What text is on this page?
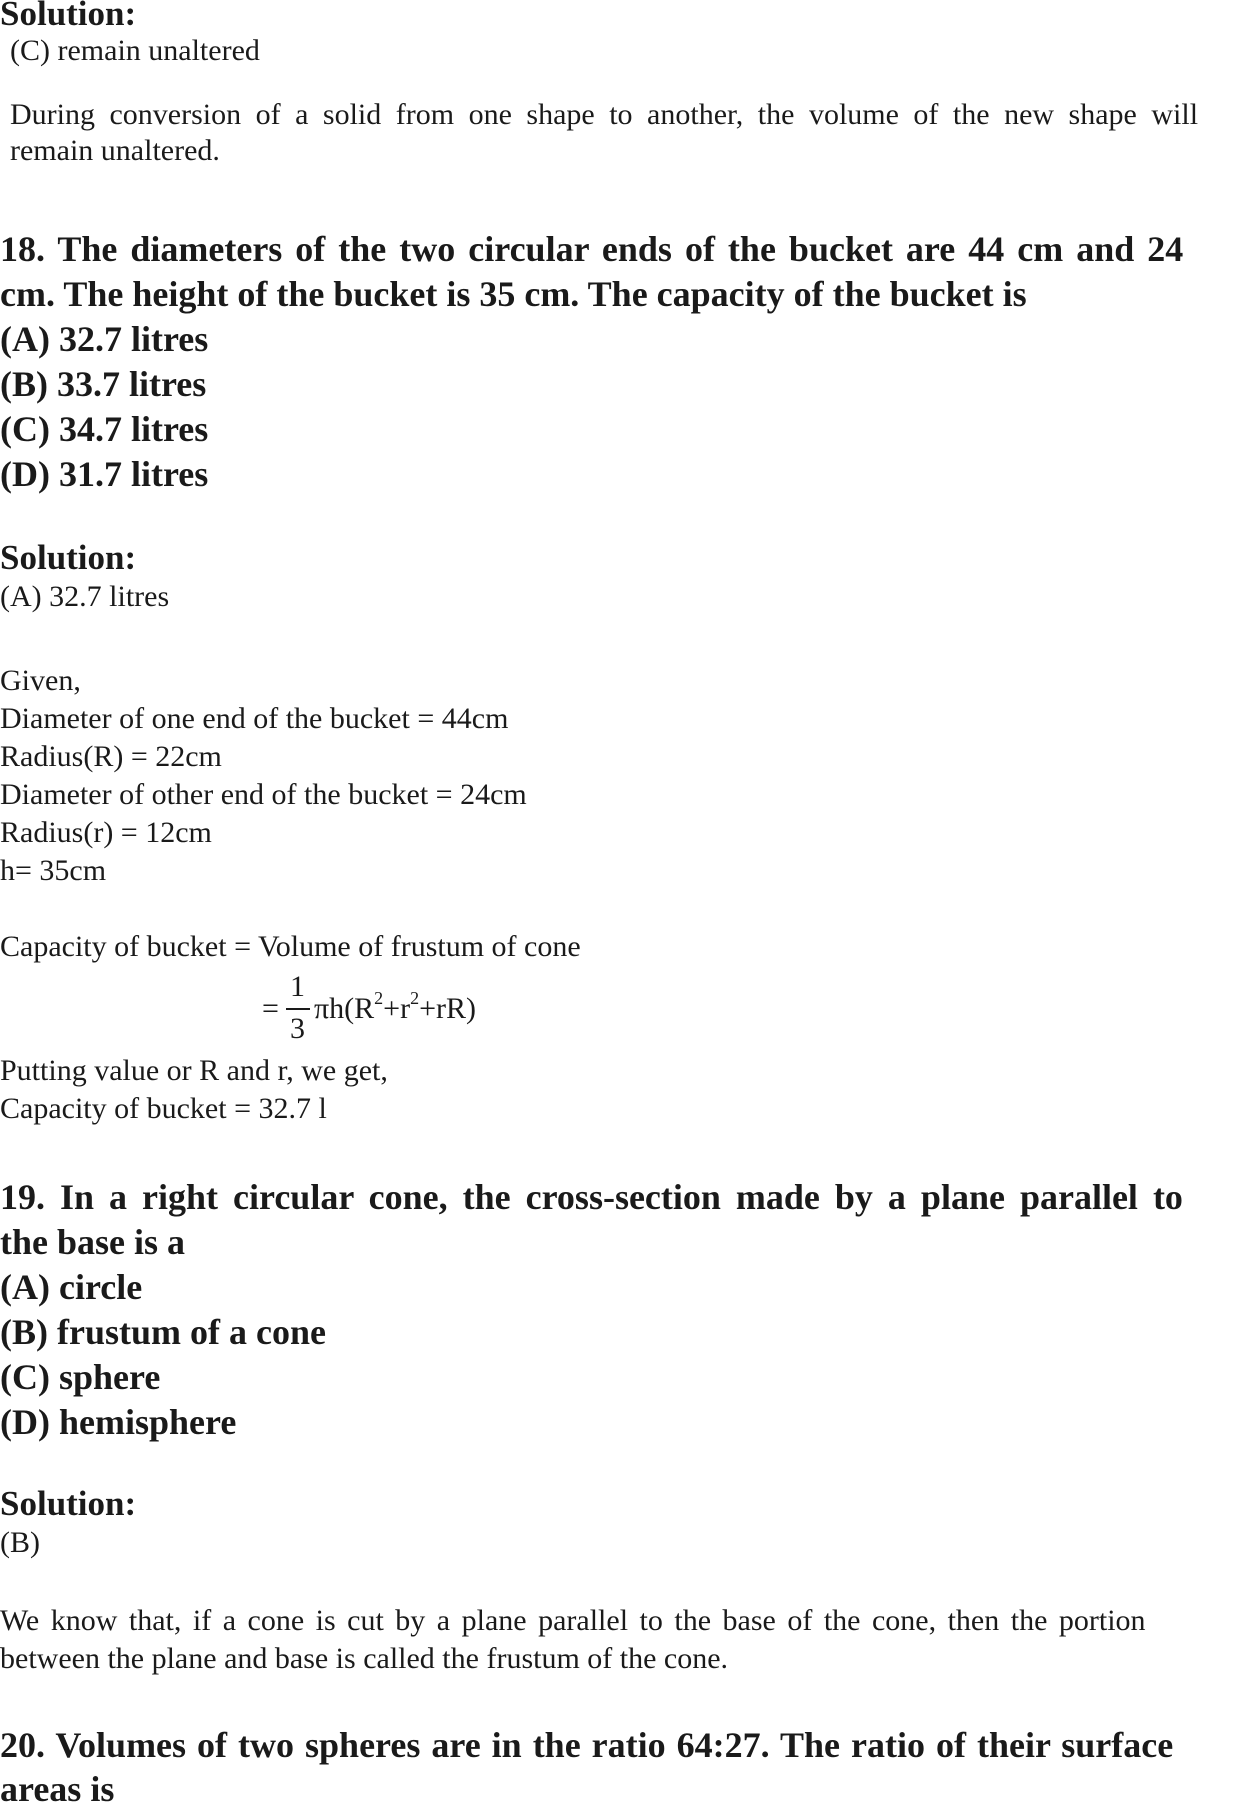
Solution:
(C) remain unaltered
During conversion of a solid from one shape to another, the volume of the new shape will
remain unaltered.
18. The diameters of the two circular ends of the bucket are 44 cm and 24
cm. The height of the bucket is 35 cm. The capacity of the bucket is
(A) 32.7 litres
(B) 33.7 litres
(C) 34.7 litres
(D) 31.7 litres
Solution:
(A) 32.7 litres
Given,
Diameter of one end of the bucket = 44cm
Radius(R) = 22cm
Diameter of other end of the bucket = 24cm
Radius(r) = 12cm
h= 35cm
Capacity of bucket = Volume of frustum of cone
=
1
3
$\pi h(R^2+r^2+rR)$
Putting value or R and r, we get,
Capacity of bucket = 32.7 l
19. In a right circular cone, the cross-section made by a plane parallel to
the base is a
(A) circle
(B) frustum of a cone
(C) sphere
(D) hemisphere
Solution:
(B)
We know that, if a cone is cut by a plane parallel to the base of the cone, then the portion
between the plane and base is called the frustum of the cone.
20. Volumes of two spheres are in the ratio 64:27. The ratio of their surface
areas is
